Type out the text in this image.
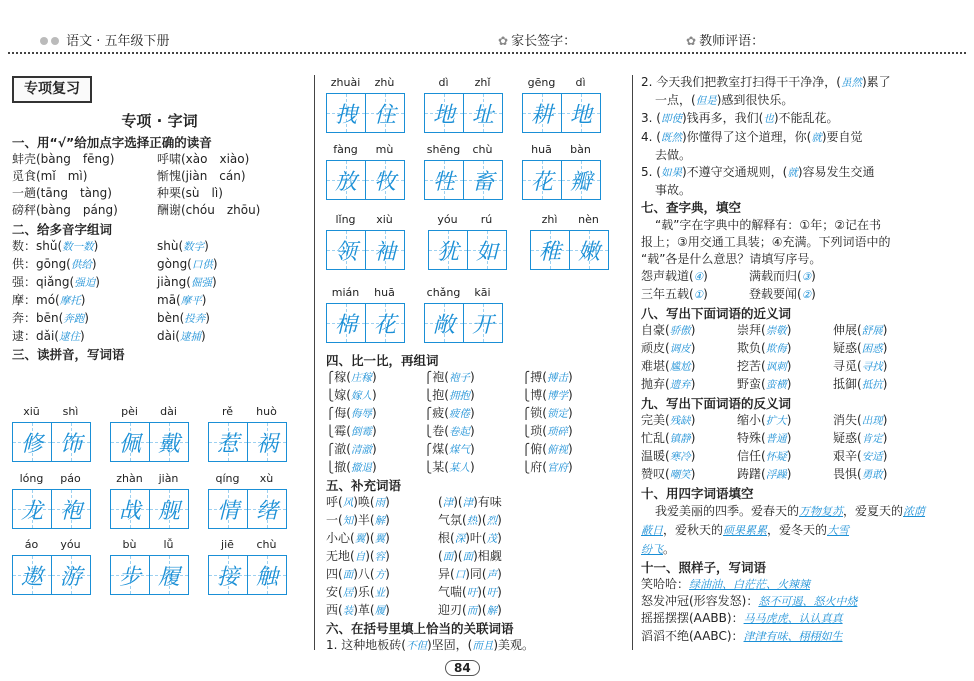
语文 · 五年级下册	✿ 家长签字：	✿ 教师评语：
专项复习
专项 · 字词
一、用“√”给加点字选择正确的读音
蚌壳(bàng　fēng)	呼啸(xào　xiào)
觅食(mǐ　mì)	惭愧(jiàn　cán)
一趟(tāng　tàng)	种栗(sù　lì)
磅秤(bàng　páng)	酬谢(chóu　zhōu)
二、给多音字组词
数：shǔ(数一数)	shù(数字)
供：gōng(供给)	gòng(口供)
强：qiǎng(强迫)	jiàng(倔强)
摩：mó(摩托)	mā(摩平)
奔：bēn(奔跑)	bèn(投奔)
逮：dǎi(逮住)	dài(逮捕)
三、读拼音，写词语
xiū	shì
修 饰
pèi	dài
佩 戴
rě	huò
惹 祸
lóng	páo
龙 袍
zhàn	jiàn
战 舰
qíng	xù
情 绪
áo	yóu
遨 游
bù	lǚ
步 履
jiē	chù
接 触
zhuài	zhù
拽 住
dì	zhǐ
地 址
gēng	dì
耕 地
fàng	mù
放 牧
shēng	chù
牲 畜
huā	bàn
花 瓣
lǐng	xiù
领 袖
yóu	rú
犹 如
zhì	nèn
稚 嫩
mián	huā
棉 花
chǎng	kāi
敞 开
四、比一比，再组词
⎧稼(庄稼)	⎧袍(袍子)	⎧搏(搏击)
⎩嫁(嫁人)	⎩抱(拥抱)	⎩博(博学)
⎧侮(侮辱)	⎧疲(疲倦)	⎧锁(锁定)
⎩霉(倒霉)	⎩卷(卷起)	⎩琐(琐碎)
⎧澈(清澈)	⎧煤(煤气)	⎧俯(俯视)
⎩撤(撤退)	⎩某(某人)	⎩府(官府)
五、补充词语
呼(风)唤(雨)	(津)(津)有味
一(知)半(解)	气氛(热)(烈)
小心(翼)(翼)	根(深)叶(茂)
无地(自)(容)	(面)(面)相觑
四(面)八(方)	异(口)同(声)
安(居)乐(业)	气喘(吁)(吁)
西(装)革(履)	迎刃(而)(解)
六、在括号里填上恰当的关联词语
1. 这种地板砖(不但)坚固，(而且)美观。
2. 今天我们把教室打扫得干干净净，(虽然)累了
一点，(但是)感到很快乐。
3. (即使)钱再多，我们(也)不能乱花。
4. (既然)你懂得了这个道理，你(就)要自觉
去做。
5. (如果)不遵守交通规则，(就)容易发生交通
事故。
七、查字典，填空
“载”字在字典中的解释有：①年；②记在书
报上；③用交通工具装；④充满。下列词语中的
“载”各是什么意思？请填写序号。
怨声载道(④)	满载而归(③)
三年五载(①)	登载要闻(②)
八、写出下面词语的近义词
自豪(骄傲)	崇拜(崇敬)	伸展(舒展)
顽皮(调皮)	欺负(欺侮)	疑惑(困惑)
难堪(尴尬)	挖苦(讽刺)	寻觅(寻找)
抛弃(遗弃)	野蛮(蛮横)	抵御(抵抗)
九、写出下面词语的反义词
完美(残缺)	缩小(扩大)	消失(出现)
忙乱(镇静)	特殊(普通)	疑惑(肯定)
温暖(寒冷)	信任(怀疑)	艰辛(安适)
赞叹(嘲笑)	踌躇(浮躁)	畏惧(勇敢)
十、用四字词语填空
我爱美丽的四季。爱春天的万物复苏，爱夏天的浓荫蔽日，爱秋天的硕果累累，爱冬天的大雪
纷飞。
十一、照样子，写词语
笑哈哈：绿油油、白茫茫、火辣辣
怒发冲冠(形容发怒)：怒不可遏、怒火中烧
摇摇摆摆(AABB)：马马虎虎、认认真真
滔滔不绝(AABC)：津津有味、栩栩如生
84
